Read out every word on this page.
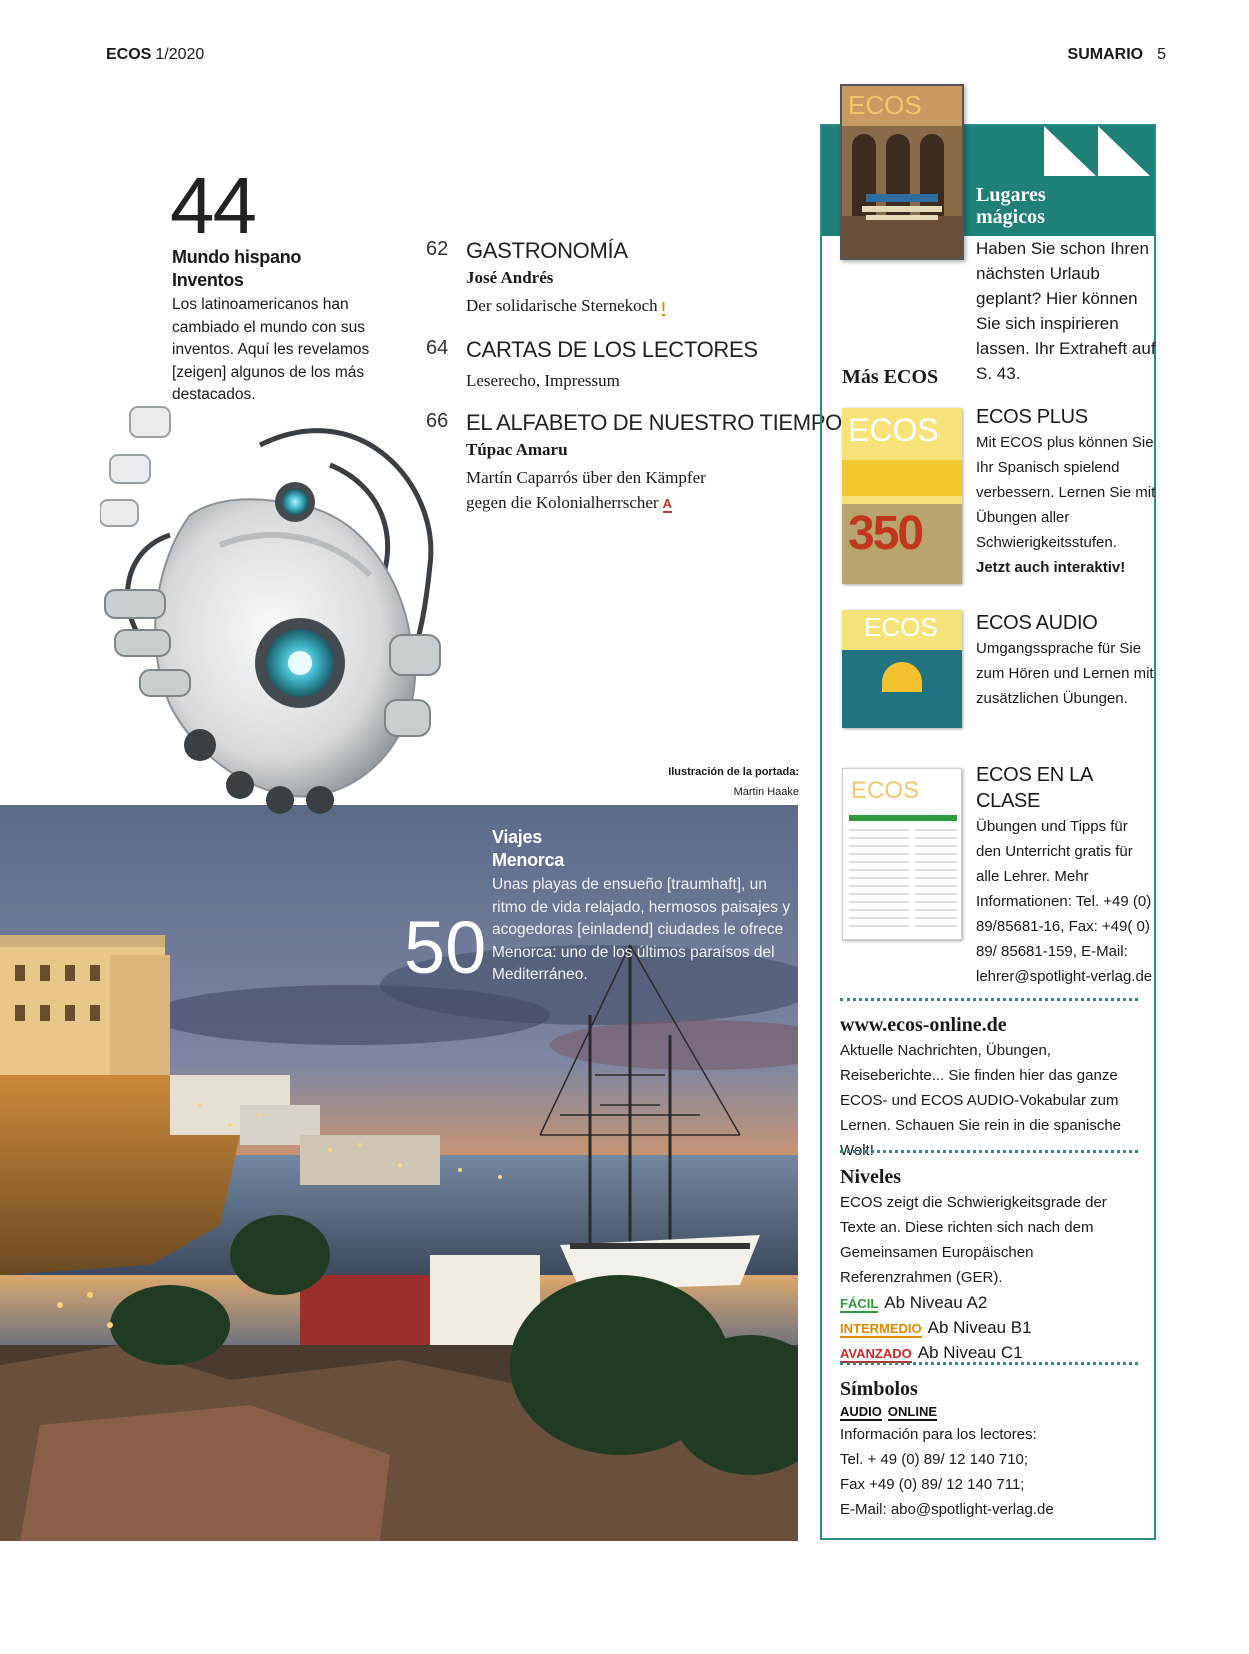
ECOS 1/2020	SUMARIO 5
44
Mundo hispano
Inventos
Los latinoamericanos han cambiado el mundo con sus inventos. Aquí les revelamos [zeigen] algunos de los más destacados.
62 GASTRONOMÍA
José Andrés
Der solidarische Sternekoch I
64 CARTAS DE LOS LECTORES
Leserecho, Impressum
66 EL ALFABETO DE NUESTRO TIEMPO
Túpac Amaru
Martín Caparrós über den Kämpfer
gegen die Kolonialherrscher A
50
Viajes
Menorca
Unas playas de ensueño [traumhaft], un ritmo de vida relajado, hermosos paisajes y acogedoras [einladend] ciudades le ofrece Menorca: uno de los últimos paraísos del Mediterráneo.
Ilustración de la portada:
Martin Haake
ECOS
Lugares
mágicos
Haben Sie schon Ihren nächsten Urlaub geplant? Hier können Sie sich inspirieren lassen. Ihr Extraheft auf S. 43.
Más ECOS
ECOS
350
ECOS PLUS
Mit ECOS plus können Sie Ihr Spanisch spielend verbessern. Lernen Sie mit Übungen aller Schwierigkeitsstufen.
Jetzt auch interaktiv!
ECOS ECOS AUDIO
Umgangssprache für Sie zum Hören und Lernen mit zusätzlichen Übungen.
ECOS
ECOS EN LA CLASE
Übungen und Tipps für den Unterricht gratis für alle Lehrer. Mehr Informationen: Tel. +49 (0) 89/85681-16, Fax: +49( 0) 89/ 85681-159, E-Mail: lehrer@spotlight-verlag.de
www.ecos-online.de
Aktuelle Nachrichten, Übungen, Reiseberichte... Sie finden hier das ganze ECOS- und ECOS AUDIO-Vokabular zum Lernen. Schauen Sie rein in die spanische Welt!
Niveles
ECOS zeigt die Schwierigkeitsgrade der Texte an. Diese richten sich nach dem Gemeinsamen Europäischen Referenzrahmen (GER).
FÁCIL Ab Niveau A2
INTERMEDIO Ab Niveau B1
AVANZADO Ab Niveau C1
Símbolos
AUDIO ONLINE
Información para los lectores:
Tel. + 49 (0) 89/ 12 140 710;
Fax +49 (0) 89/ 12 140 711;
E-Mail: abo@spotlight-verlag.de
